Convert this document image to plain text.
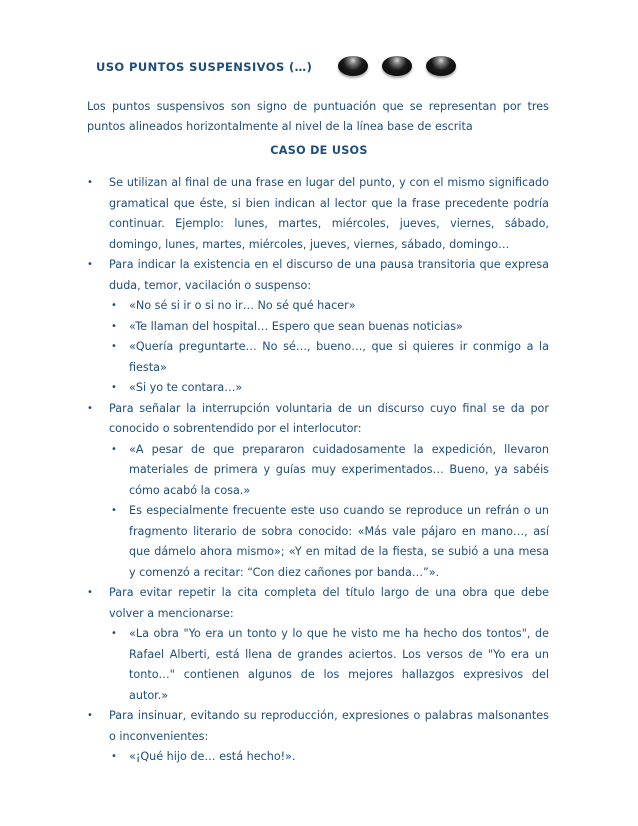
USO PUNTOS SUSPENSIVOS (…)
Los puntos suspensivos son signo de puntuación que se representan por tres puntos alineados horizontalmente al nivel de la línea base de escrita
CASO DE USOS
• Se utilizan al final de una frase en lugar del punto, y con el mismo significado gramatical que éste, si bien indican al lector que la frase precedente podría continuar. Ejemplo: lunes, martes, miércoles, jueves, viernes, sábado, domingo, lunes, martes, miércoles, jueves, viernes, sábado, domingo…
• Para indicar la existencia en el discurso de una pausa transitoria que expresa duda, temor, vacilación o suspenso:
• «No sé si ir o si no ir… No sé qué hacer»
• «Te llaman del hospital… Espero que sean buenas noticias»
• «Quería preguntarte… No sé…, bueno…, que si quieres ir conmigo a la fiesta»
• «Si yo te contara…»
• Para señalar la interrupción voluntaria de un discurso cuyo final se da por conocido o sobrentendido por el interlocutor:
• «A pesar de que prepararon cuidadosamente la expedición, llevaron materiales de primera y guías muy experimentados… Bueno, ya sabéis cómo acabó la cosa.»
• Es especialmente frecuente este uso cuando se reproduce un refrán o un fragmento literario de sobra conocido: «Más vale pájaro en mano…, así que dámelo ahora mismo»; «Y en mitad de la fiesta, se subió a una mesa y comenzó a recitar: “Con diez cañones por banda…”».
• Para evitar repetir la cita completa del título largo de una obra que debe volver a mencionarse:
• «La obra "Yo era un tonto y lo que he visto me ha hecho dos tontos", de Rafael Alberti, está llena de grandes aciertos. Los versos de "Yo era un tonto…" contienen algunos de los mejores hallazgos expresivos del autor.»
• Para insinuar, evitando su reproducción, expresiones o palabras malsonantes o inconvenientes:
• «¡Qué hijo de… está hecho!».
